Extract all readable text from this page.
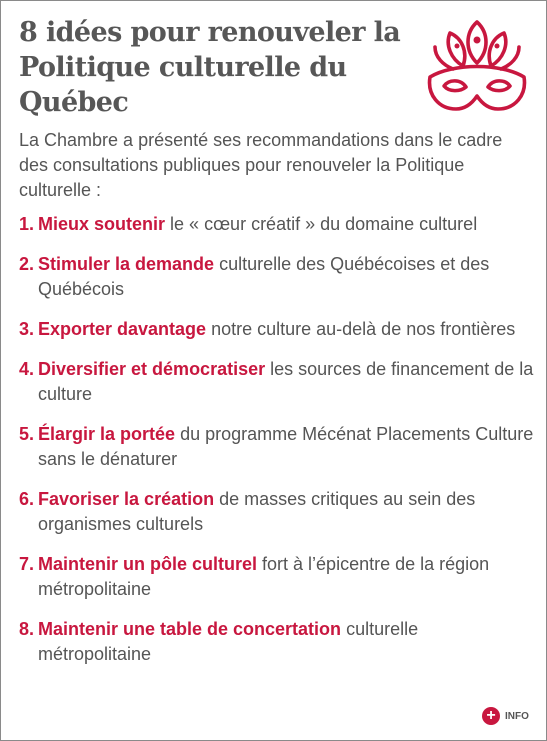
8 idées pour renouveler la Politique culturelle du Québec

La Chambre a présenté ses recommandations dans le cadre des consultations publiques pour renouveler la Politique culturelle :

1. Mieux soutenir le « cœur créatif » du domaine culturel
2. Stimuler la demande culturelle des Québécoises et des Québécois
3. Exporter davantage notre culture au-delà de nos frontières
4. Diversifier et démocratiser les sources de financement de la culture
5. Élargir la portée du programme Mécénat Placements Culture sans le dénaturer
6. Favoriser la création de masses critiques au sein des organismes culturels
7. Maintenir un pôle culturel fort à l’épicentre de la région métropolitaine
8. Maintenir une table de concertation culturelle métropolitaine
+ INFO
